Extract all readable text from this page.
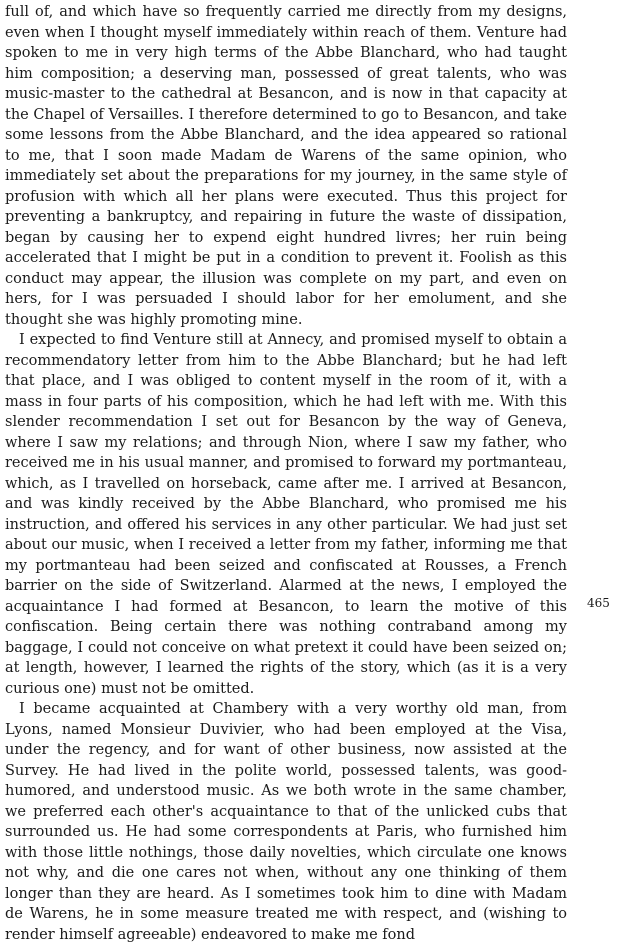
full of, and which have so frequently carried me directly from my designs, even when I thought myself immediately within reach of them. Venture had spoken to me in very high terms of the Abbe Blanchard, who had taught him composition; a deserving man, possessed of great talents, who was music-master to the cathedral at Besancon, and is now in that capacity at the Chapel of Versailles. I therefore determined to go to Besancon, and take some lessons from the Abbe Blanchard, and the idea appeared so rational to me, that I soon made Madam de Warens of the same opinion, who immediately set about the preparations for my journey, in the same style of profusion with which all her plans were executed. Thus this project for preventing a bankruptcy, and repairing in future the waste of dissipation, began by causing her to expend eight hundred livres; her ruin being accelerated that I might be put in a condition to prevent it. Foolish as this conduct may appear, the illusion was complete on my part, and even on hers, for I was persuaded I should labor for her emolument, and she thought she was highly promoting mine.

I expected to find Venture still at Annecy, and promised myself to obtain a recommendatory letter from him to the Abbe Blanchard; but he had left that place, and I was obliged to content myself in the room of it, with a mass in four parts of his composition, which he had left with me. With this slender recommendation I set out for Besancon by the way of Geneva, where I saw my relations; and through Nion, where I saw my father, who received me in his usual manner, and promised to forward my portmanteau, which, as I travelled on horseback, came after me. I arrived at Besancon, and was kindly received by the Abbe Blanchard, who promised me his instruction, and offered his services in any other particular. We had just set about our music, when I received a letter from my father, informing me that my portmanteau had been seized and confiscated at Rousses, a French barrier on the side of Switzerland. Alarmed at the news, I employed the acquaintance I had formed at Besancon, to learn the motive of this confiscation. Being certain there was nothing contraband among my baggage, I could not conceive on what pretext it could have been seized on; at length, however, I learned the rights of the story, which (as it is a very curious one) must not be omitted.

I became acquainted at Chambery with a very worthy old man, from Lyons, named Monsieur Duvivier, who had been employed at the Visa, under the regency, and for want of other business, now assisted at the Survey. He had lived in the polite world, possessed talents, was good-humored, and understood music. As we both wrote in the same chamber, we preferred each other's acquaintance to that of the unlicked cubs that surrounded us. He had some correspondents at Paris, who furnished him with those little nothings, those daily novelties, which circulate one knows not why, and die one cares not when, without any one thinking of them longer than they are heard. As I sometimes took him to dine with Madam de Warens, he in some measure treated me with respect, and (wishing to render himself agreeable) endeavored to make me fond

465
